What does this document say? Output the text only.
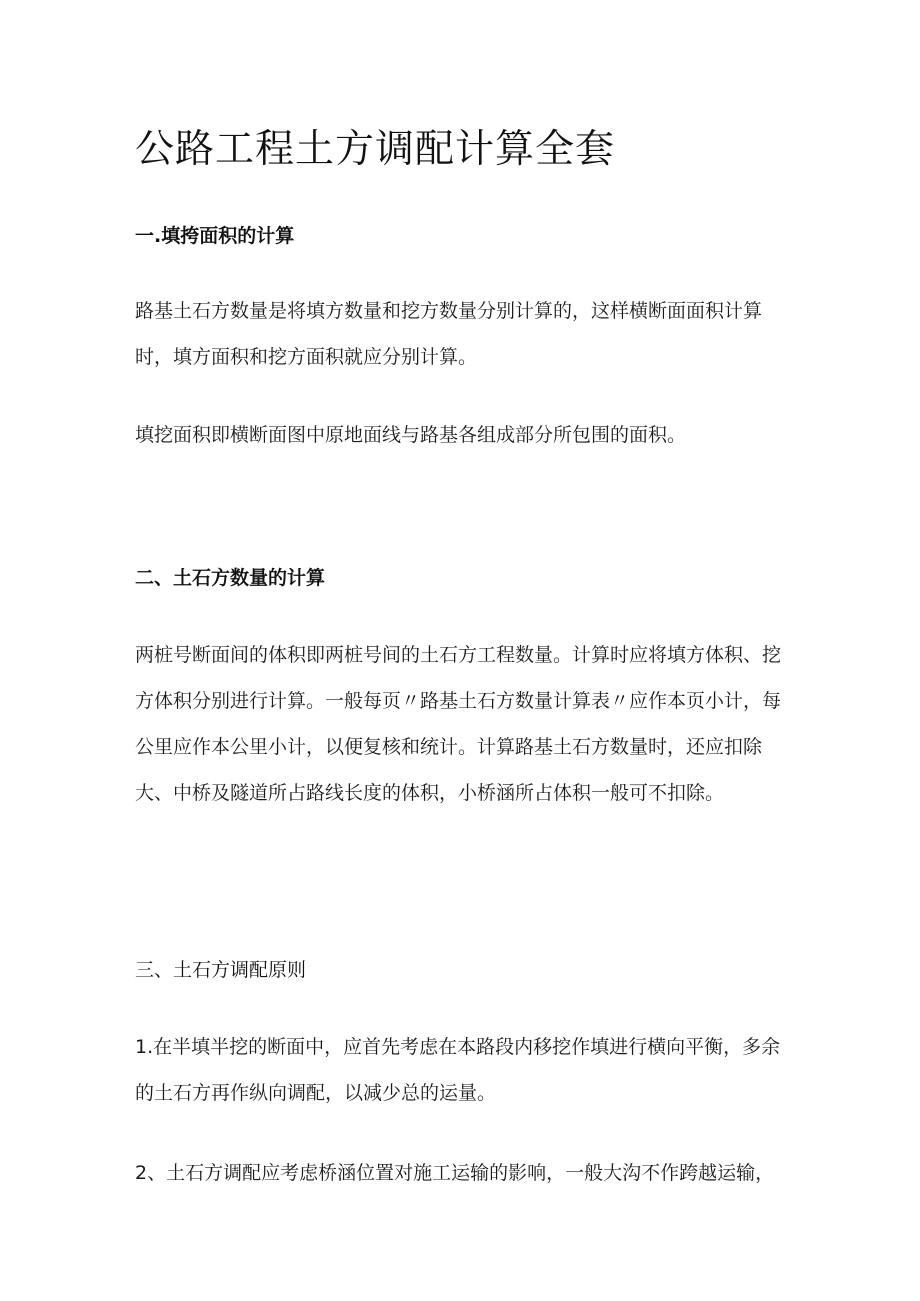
公路工程土方调配计算全套
一.填挎面积的计算

路基土石方数量是将填方数量和挖方数量分别计算的，这样横断面面积计算时，填方面积和挖方面积就应分别计算。

填挖面积即横断面图中原地面线与路基各组成部分所包围的面积。

二、土石方数量的计算

两桩号断面间的体积即两桩号间的土石方工程数量。计算时应将填方体积、挖方体积分别进行计算。一般每页〃路基土石方数量计算表〃应作本页小计，每公里应作本公里小计，以便复核和统计。计算路基土石方数量时，还应扣除大、中桥及隧道所占路线长度的体积，小桥涵所占体积一般可不扣除。

三、土石方调配原则

1.在半填半挖的断面中，应首先考虑在本路段内移挖作填进行横向平衡，多余的土石方再作纵向调配，以减少总的运量。

2、土石方调配应考虑桥涵位置对施工运输的影响，一般大沟不作跨越运输，
